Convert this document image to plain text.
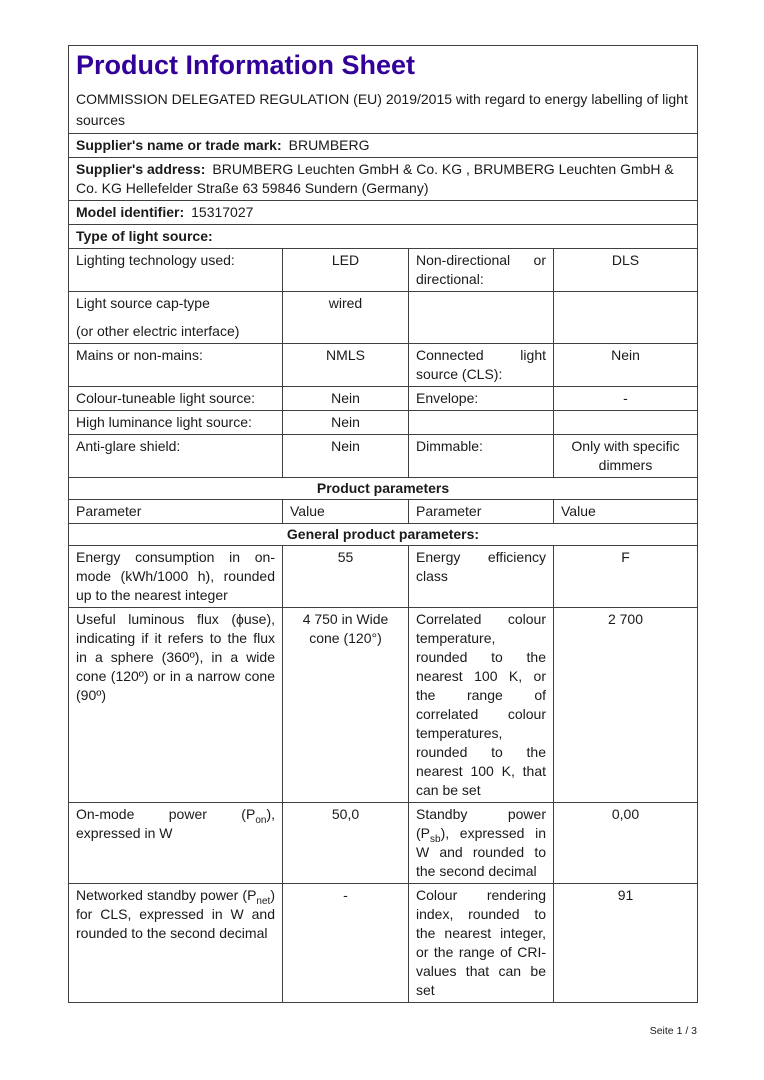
Product Information Sheet

COMMISSION DELEGATED REGULATION (EU) 2019/2015 with regard to energy labelling of light sources

Supplier's name or trade mark: BRUMBERG			
Supplier's address: BRUMBERG Leuchten GmbH & Co. KG , BRUMBERG Leuchten GmbH & Co. KG Hellefelder Straße 63 59846 Sundern (Germany)			
Model identifier: 15317027			
Type of light source:			
Lighting technology used:	LED	Non-directional or directional:	DLS

Light source cap-type
(or other electric interface)	wired		
Mains or non-mains:	NMLS	Connected light source (CLS):	Nein
Colour-tuneable light source:	Nein	Envelope:	-
High luminance light source:	Nein		
Anti-glare shield:	Nein	Dimmable:	Only with specific dimmers
Product parameters			
Parameter	Value	Parameter	Value
General product parameters:			
Energy consumption in on-mode (kWh/1000 h), rounded up to the nearest integer	55	Energy efficiency class	F
Useful luminous flux (ϕuse), indicating if it refers to the flux in a sphere (360º), in a wide cone (120º) or in a narrow cone (90º)	4 750 in Wide cone (120°)	Correlated colour temperature, rounded to the nearest 100 K, or the range of correlated colour temperatures, rounded to the nearest 100 K, that can be set	2 700
On-mode power $(P_{on})$, expressed in W	50,0	Standby power $(P_{sb})$, expressed in W and rounded to the second decimal	0,00
Networked standby power $(P_{net})$ for CLS, expressed in W and rounded to the second decimal	-	Colour rendering index, rounded to the nearest integer, or the range of CRI-values that can be set	91
Seite 1 / 3
